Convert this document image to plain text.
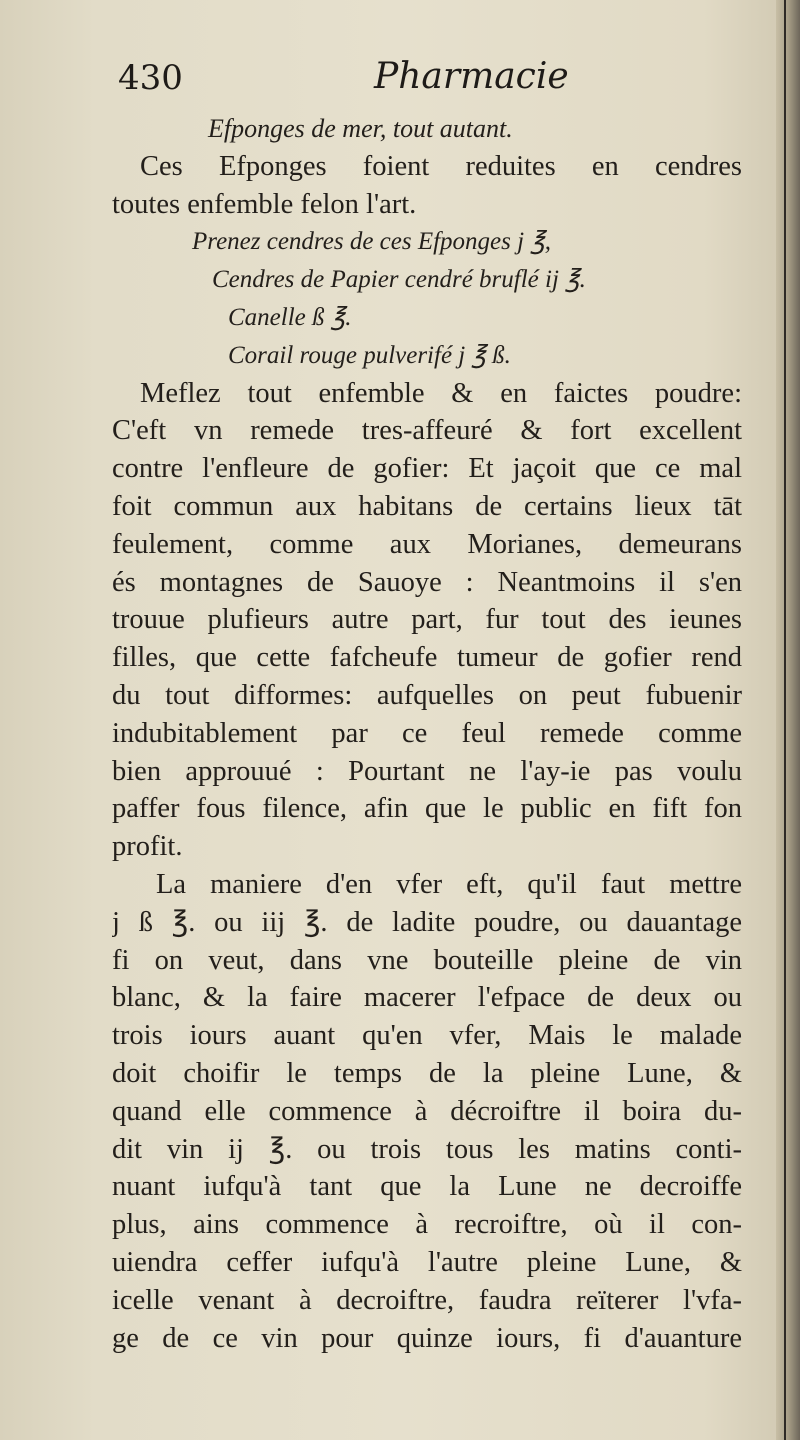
430	Pharmacie
Efponges de mer, tout autant.
Ces Efponges foient reduites en cendres
toutes enfemble felon l'art.
Prenez cendres de ces Efponges j ℥,
Cendres de Papier cendré bruflé ij ℥.
Canelle ß ℥.
Corail rouge pulverifé j ℥ ß.
Meflez tout enfemble & en faictes poudre:
C'eft vn remede tres-affeuré & fort excellent
contre l'enfleure de gofier: Et jaçoit que ce mal
foit commun aux habitans de certains lieux tāt
feulement, comme aux Morianes, demeurans
és montagnes de Sauoye : Neantmoins il s'en
trouue plufieurs autre part, fur tout des ieunes
filles, que cette fafcheufe tumeur de gofier rend
du tout difformes: aufquelles on peut fubuenir
indubitablement par ce feul remede comme
bien approuué : Pourtant ne l'ay-ie pas voulu
paffer fous filence, afin que le public en fift fon
profit.
La maniere d'en vfer eft, qu'il faut mettre
j ß ℥. ou iij ℥. de ladite poudre, ou dauantage
fi on veut, dans vne bouteille pleine de vin
blanc, & la faire macerer l'efpace de deux ou
trois iours auant qu'en vfer, Mais le malade
doit choifir le temps de la pleine Lune, &
quand elle commence à décroiftre il boira du-
dit vin ij ℥. ou trois tous les matins conti-
nuant iufqu'à tant que la Lune ne decroiffe
plus, ains commence à recroiftre, où il con-
uiendra ceffer iufqu'à l'autre pleine Lune, &
icelle venant à decroiftre, faudra reïterer l'vfa-
ge de ce vin pour quinze iours, fi d'auanture
